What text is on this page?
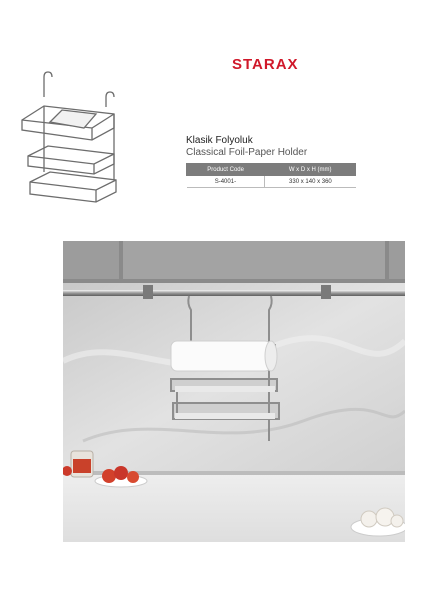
STARAX
Klasik Folyoluk
Classical Foil-Paper Holder
Product Code	W x D x H (mm)
S-4001-	330 x 140 x 360
